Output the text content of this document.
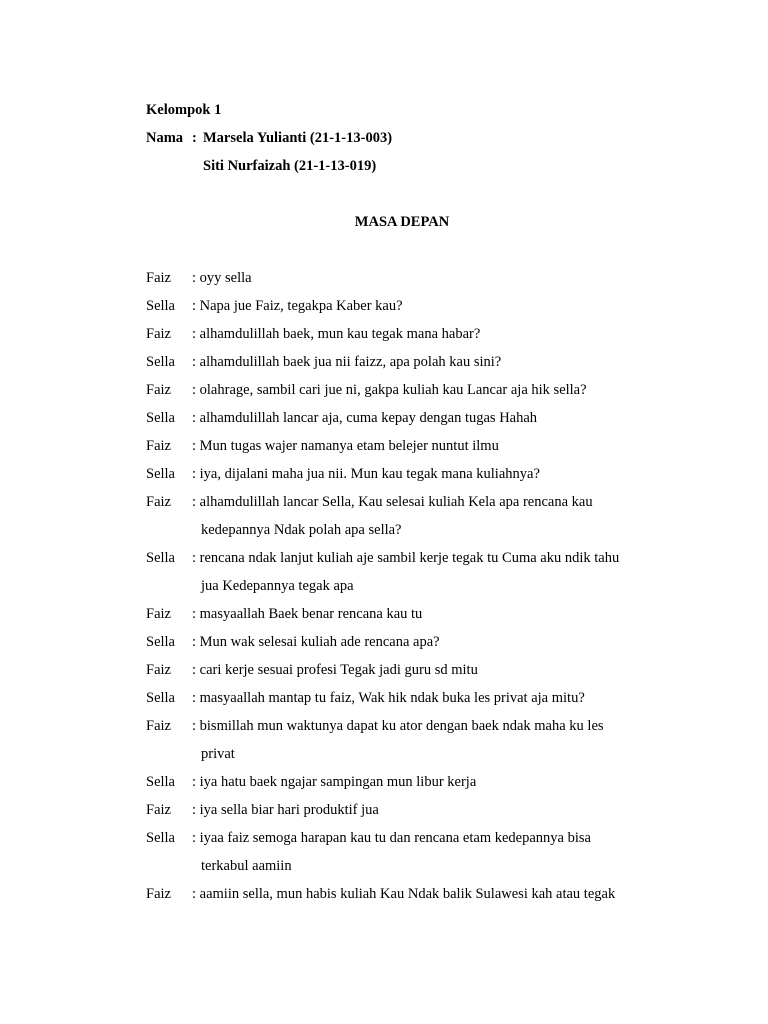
Kelompok 1
Nama : Marsela Yulianti (21-1-13-003)
Siti Nurfaizah (21-1-13-019)
MASA DEPAN
Faiz : oyy sella
Sella : Napa jue Faiz, tegakpa Kaber kau?
Faiz : alhamdulillah baek, mun kau tegak mana habar?
Sella : alhamdulillah baek jua nii faizz, apa polah kau sini?
Faiz : olahrage, sambil cari jue ni, gakpa kuliah kau Lancar aja hik sella?
Sella : alhamdulillah lancar aja, cuma kepay dengan tugas Hahah
Faiz : Mun tugas wajer namanya etam belejer nuntut ilmu
Sella : iya, dijalani maha jua nii. Mun kau tegak mana kuliahnya?
Faiz : alhamdulillah lancar Sella, Kau selesai kuliah Kela apa rencana kau
kedepannya Ndak polah apa sella?
Sella : rencana ndak lanjut kuliah aje sambil kerje tegak tu Cuma aku ndik tahu
jua Kedepannya tegak apa
Faiz : masyaallah Baek benar rencana kau tu
Sella : Mun wak selesai kuliah ade rencana apa?
Faiz : cari kerje sesuai profesi Tegak jadi guru sd mitu
Sella : masyaallah mantap tu faiz, Wak hik ndak buka les privat aja mitu?
Faiz : bismillah mun waktunya dapat ku ator dengan baek ndak maha ku les
privat
Sella : iya hatu baek ngajar sampingan mun libur kerja
Faiz : iya sella biar hari produktif jua
Sella : iyaa faiz semoga harapan kau tu dan rencana etam kedepannya bisa
terkabul aamiin
Faiz : aamiin sella, mun habis kuliah Kau Ndak balik Sulawesi kah atau tegak
